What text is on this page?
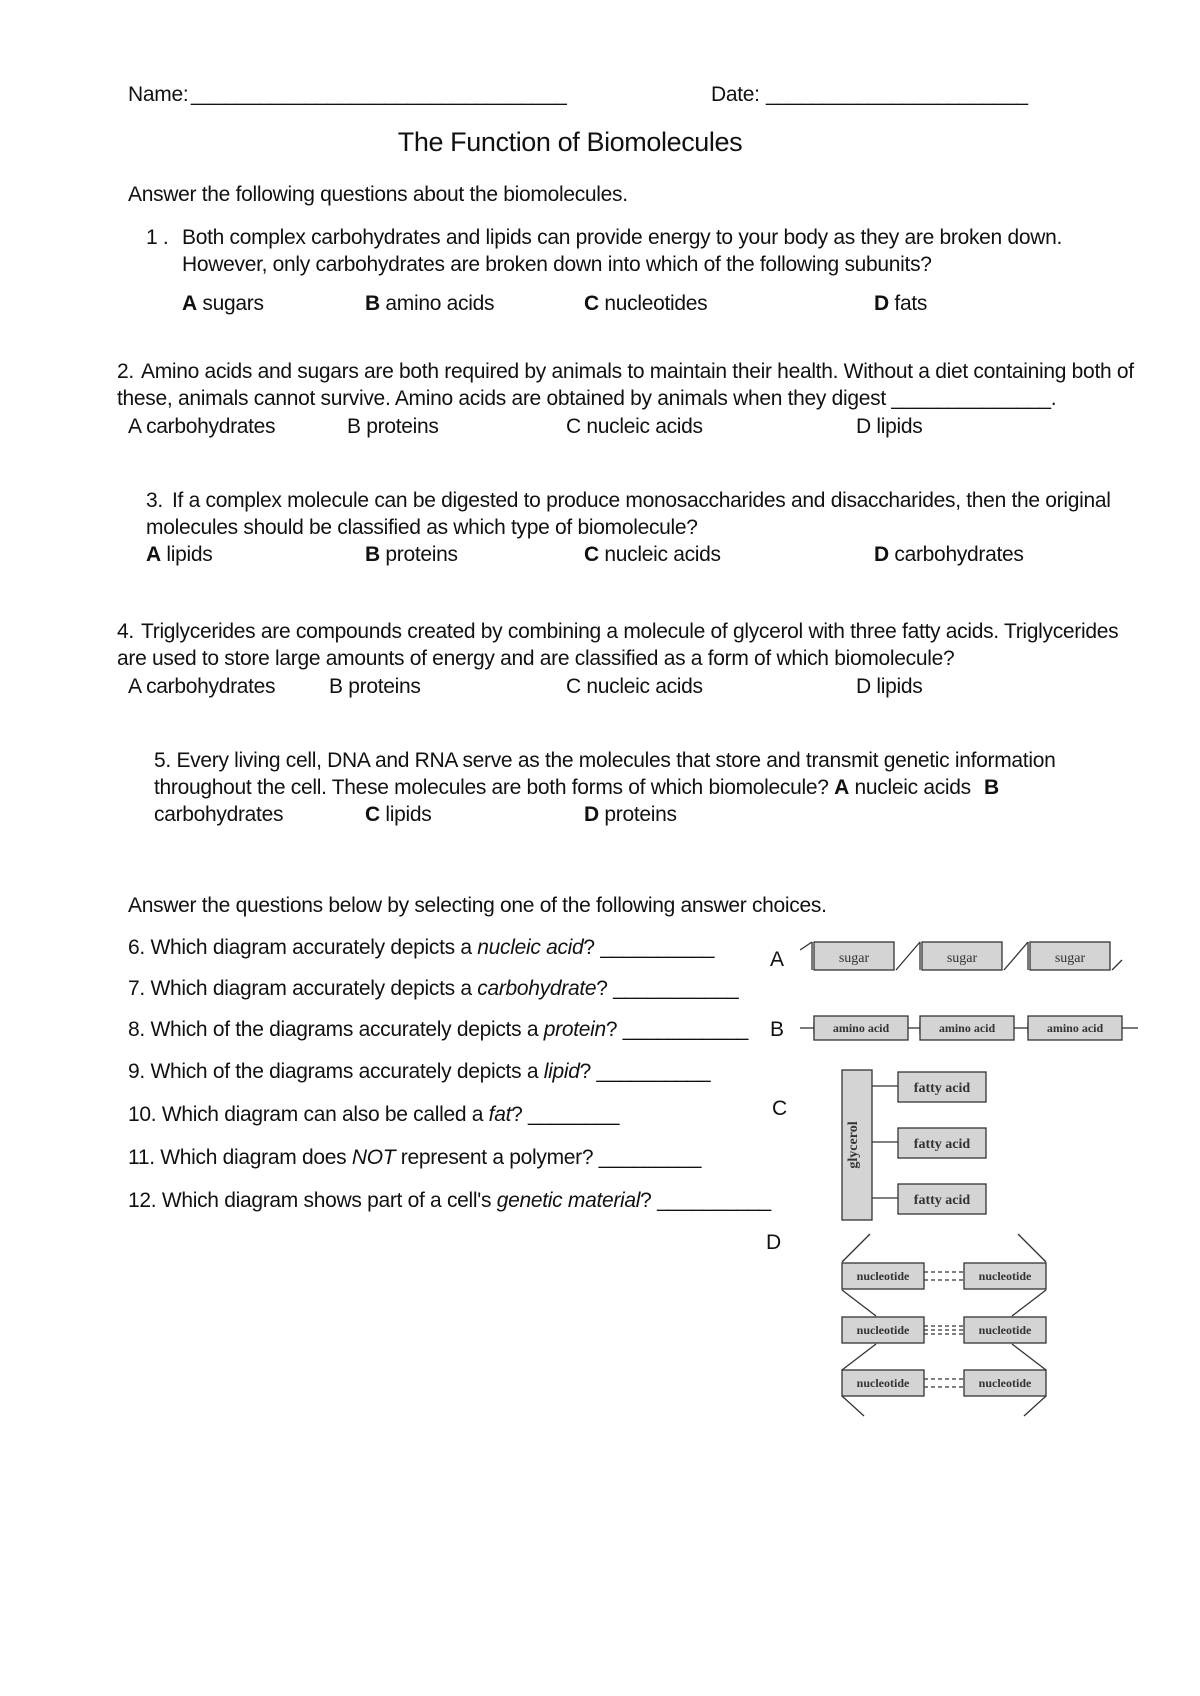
Name: _________________________________	Date: _______________________
The Function of Biomolecules
Answer the following questions about the biomolecules.
1 . Both complex carbohydrates and lipids can provide energy to your body as they are broken down.
However, only carbohydrates are broken down into which of the following subunits?
A sugars	B amino acids	C nucleotides	D fats
2. Amino acids and sugars are both required by animals to maintain their health. Without a diet containing both of
these, animals cannot survive. Amino acids are obtained by animals when they digest ______________.
A carbohydrates	B proteins	C nucleic acids	D lipids
3. If a complex molecule can be digested to produce monosaccharides and disaccharides, then the original
molecules should be classified as which type of biomolecule?
A lipids	B proteins	C nucleic acids	D carbohydrates
4. Triglycerides are compounds created by combining a molecule of glycerol with three fatty acids. Triglycerides
are used to store large amounts of energy and are classified as a form of which biomolecule?
A carbohydrates	B proteins	C nucleic acids	D lipids
5. Every living cell, DNA and RNA serve as the molecules that store and transmit genetic information
throughout the cell. These molecules are both forms of which biomolecule? A nucleic acids B
carbohydrates	C lipids	D proteins
Answer the questions below by selecting one of the following answer choices.
6. Which diagram accurately depicts a nucleic acid? __________
7. Which diagram accurately depicts a carbohydrate? ___________
8. Which of the diagrams accurately depicts a protein? ___________
9. Which of the diagrams accurately depicts a lipid? __________
10. Which diagram can also be called a fat? ________
11. Which diagram does NOT represent a polymer? _________
12. Which diagram shows part of a cell's genetic material? __________
A
B
C
D
sugar	sugar	sugar
amino acid	amino acid	amino acid
glycerol
fatty acid
fatty acid
fatty acid
nucleotide	nucleotide
nucleotide	nucleotide
nucleotide	nucleotide
